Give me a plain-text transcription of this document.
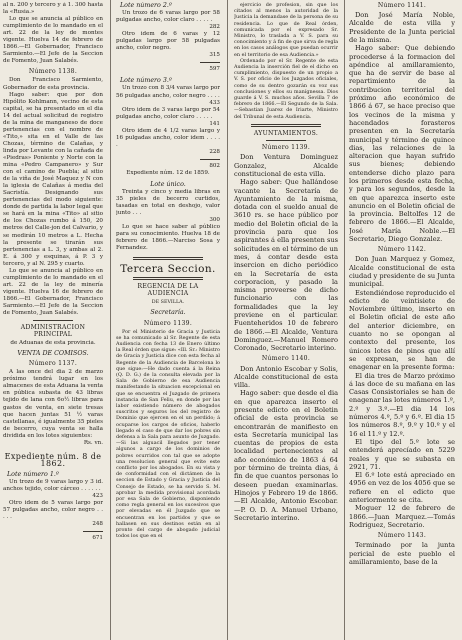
al n. 200 y tercero y á 1. 300 hasta la «Rusia.»

Lo que se anuncia al público en cumplimiento de lo mandado en el art. 22 de la ley de montes vigente. Huelva 14 de febrero de 1866.—El Gobernador, Francisco Sarmiento.—El Jefe de la Seccion de Fomento, Juan Salabés.

Número 1138.

Don Francisco Sarmiento, Gobernador de esta provincia.

Hago saber: que por don Hipólito Kohlmann, vecino de esta capital, se ha presentado en el dia 14 del actual solicitud de registro de la mina de manganeso de doce pertenencias con el nombre de «Tito,» sita en el Valle de las Chozas, término de Calañas, y linda por Levante con la cañada de «Piedras» Poniente y Norte con la mina «Pedro Campanero» y Sur con el camino de Puebla; al sitio de la viña de José Maquez y N con la iglesia de Calañas á media del Sacristía. Designando sus pertenencias del modo siguiente: donde de partida la labor legal que se hará en la mina «Tito» al sitio de los Chozas rumbo á 150, 20 metros del Calle-jon del Calvario, y se medirán 10 metros a L. Hecha la presente se tirarán sus pertenencias a L. 3, y ambas al 2. E. á 300 y esquinas, á P. 3 y tercero, y al N. 295 y cuarto.

Lo que se anuncia al público en cumplimiento de lo mandado en el art. 22 de la ley de minería vigente. Huelva 16 de febrero de 1866.—El Gobernador, Francisco Sarmiento.—El Jefe de la Seccion de Fomento, Juan Salabés.

ADMINISTRACION PRINCIPAL

de Aduanas de esta provincia.

VENTA DE COMISOS.

Número 1137.

A las once del dia 2 de marzo próximo tendrá lugar en los almacenes de esta Aduana la venta en pública subasta de 43 libras tejido de lana con 6o½ libras para gastos de venta, en siete tresas que hacen juntas 51 ½ varas castellanas, é igualmente 35 pieles de becerro, cuya venta se halla dividida en los lotes siguientes:

Rs. vn.

Expediente núm. 8 de 1862.

Lote número 1.º

Un trozo de 9 varas largo y 3 id. anchos tejido, color cárceo . . . . . .

423

Otro idem de 5 varas largo por 57 pulgadas ancho, color negro . . . . .

248

671

Lote número 2.º

Un trozo de 6 varas largo por 58 pulgadas ancho, color claro . . . . .

282

Otro idem de 6 varas y 12 pulgadas largo por 58 pulgadas ancho, color negro.

315

597

Lote número 3.º

Un trozo con 8 3/4 varas largo por 56 pulgadas ancho, color negro . . . .

433

Otro idem de 3 varas largo por 54 pulgadas ancho, color claro . . . . .

141

Otro idem de 4 1/2 varas largo y 16 pulgadas ancho, color idem . . . . .

228

802

Expediente núm. 12 de 1859.

Lote único.

Treinta y cinco y media libras en 35 pieles de becerro curtidos, tasadas en total en deshojo, valor junto . . .

300

Lo que se hace saber al público para su conocimiento. Huelva 18 de febrero de 1866.—Narciso Sosa y Fernandez.

Tercera Seccion.

REGENCIA DE LA AUDIENCIA

DE SEVILLA.

Secretaría.

Número 1139.

Por el Ministerio de Gracia y Justicia se ha comunicado al Sr. Regente de esta Audiencia con fecha 13 de Enero último la Real órden que sigue: «Ill. Sr.: Ministro de Gracia y Justicia dice con esta fecha al Regente de la Audiencia de Barcelona lo que sigue:—He dado cuenta á la Reina (Q. D. G.) de la consulta elevada por la Sala de Gobierno de esa Audiencia manifestando la situacion excepcional en que se encuentra el Juzgado de primera instancia de San Feliu, en donde por las labor existiendo número de abogados suscritos y seguros los del registro de Dominio que ejercen en el un perdido; á ocuparse los cargos de oficios, haberlo llegado el caso de que dar los pobres sin defensa a la Sala para asunto de Juzgado.—Si las alguacil llegados por tener algunos a cargo de los dominios de pobres ocurridos con tal que se adopte una resolucion general que evite este conflicto por los abogados. En su vista y de conformidad con el dictámen de la seccion de Estado y Gracia y Justicia del Consejo de Estado, se ha servido S. M. aprobar la medida provisional acordada por esa Sala de Gobierno, disponiendo como regla general en los sucesivos que por elevadas en él Juzgado que se encuentran en los partidos y que se hallasen en sus destinos están en al pronto del cargo de abogado judicial todos los que en el

ejercicio de profesion, sin que los citados al menos la autoridad de la Justicia la demandase de la persona de su residencia. Lo que de Real órden, comunicada por el expresado Sr. Ministro, lo traslada a V. S. para su conocimiento y á fin de que sirva de regla en los casos análogos que puedan ocurrir en el territorio de esa Audiencia.»

Ordenado por el Sr. Regente de esta Audiencia la inserción fiel de el dicho en cumplimiento, dispuesto de un propio a V. S. por oficio de los Juzgados oficiales, como de su dentro gozarán su voz sus conclusiones y ellos su manígnessa. Dios guarde á V. S. muchos años. Sevilla 7 de febrero de 1866.—El Segundo de la Sala.—Sebastian Juarez de Iriarte, Ministro del Tribunal de esta Audiencia.

AYUNTAMIENTOS.

Número 1139.

Don Ventura Dominguez Gonzalez, Alcalde constitucional de esta villa.

Hago saber: Que hallándose vacante la Secretaría de Ayuntamiento de la misma, dotada con el sueldo anual de 3610 rs. se hace público por medio del Boletin oficial de la provincia para que los aspirantes á ella presenten sus solicitudes en el término de un mes, á contar desde esta insercion en dicho periódico en la Secretaría de esta corporacion, y pasado la misma proveerse de dicho funcionario con las formalidades que la ley previene en el particular. Fuenteheridos 10 de febrero de 1866.—El Alcalde, Ventura Dominguez.—Manuel Romero Coronado, Secretario interino.

Número 1140.

Don Antonio Escobar y Solis, Alcalde constitucional de esta villa.

Hago saber: que desde el dia en que aparezca inserto el presente edicto en el Boletin oficial de esta provincia se encontrarán de manifiesto en esta Secretaría municipal las cuentas de propios de esta localidad pertenecientes al año económico de 1863 á 64 por término de treinta dias, á fin de que cuantos personas lo deseen puedan examinarlas. Hinojos y Febrero 19 de 1866.—El Alcalde, Antonio Escobar.—P. O. D. A. Manuel Urbano, Secretario interino.

Número 1141.

Don José María Noble, Alcalde de esta villa y Presidente de la Junta pericial de la misma.

Hago saber: Que debiendo procederse á la formacion del apéndice al amillaramiento, que ha de servir de base al repartimiento de la contribucion territorial del próximo año económico de 1866 á 67, se hace preciso que los vecinos de la misma y hacendados forasteros presenten en la Secretaría municipal y término de quince dias, las relaciones de la alteracion que hayan sufrido sus bienes; debiendo entenderse dicho plazo para los primeros desde esta fecha, y para los segundos, desde la en que aparezca inserto este anuncio en el Boletin oficial de la provincia. Beltolfes 12 de febrero de 1866.—El Alcalde, José María Noble.—El Secretario, Diego Gonzalez.

Número 1142.

Don Juan Marquez y Gomez, Alcalde constitucional de esta ciudad y presidente de su Junta municipal.

Estendiéndose reproducido el edicto de veintisiete de Noviembre último, inserto en el Boletin oficial de este año del anterior diciembre, en cuanto no se opongan al contexto del presente, los únicos lotes de pinos que allí se expresan, se han de enagenar en la presente forma:

El dia tres de Marzo próximo á las doce de su mañana en las Casas Consistoriales se han de enagenar las lotes números 1.º, 2.º y 3.º.—El dia 14 los números 4.º, 5.º y 6.º. El dia 15 los números 8.º, 9.º y 10.º y el 16 el 11.º y 12.º.

El tipo del 5.º lote se entenderá aprecíado en 5229 reales y que se subasta en 2921, 71.

El 6.º lote está apreciado en 4956 en vez de los 4056 que se refiere en el edicto que anteriormente se cita.

Moguer 12 de febrero de 1866.—Juan Marquez.—Tomás Rodriguez, Secretario.

Número 1143.

Terminado por la junta pericial de este pueblo el amillaramiento, base de la
